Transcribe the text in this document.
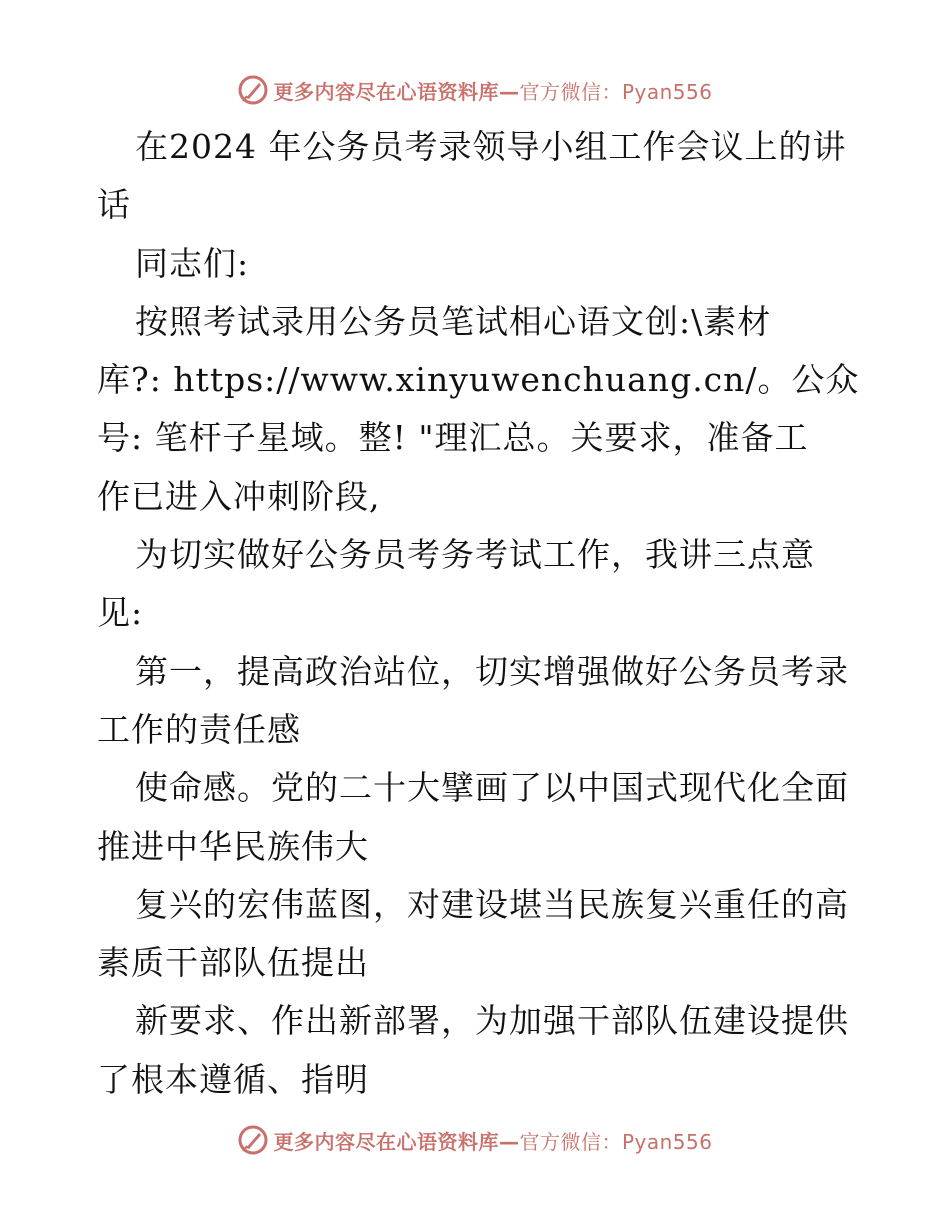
更多内容尽在心语资料库—官方微信：Pyan556
在2024 年公务员考录领导小组工作会议上的讲
话
同志们:
按照考试录用公务员笔试相心语文创:\素材
库?: https://www.xinyuwenchuang.cn/。公众
号: 笔杆子星域。整! "理汇总。关要求，准备工
作已进入冲刺阶段,
为切实做好公务员考务考试工作，我讲三点意
见:
第一，提高政治站位，切实增强做好公务员考录
工作的责任感
使命感。党的二十大擘画了以中国式现代化全面
推进中华民族伟大
复兴的宏伟蓝图，对建设堪当民族复兴重任的高
素质干部队伍提出
新要求、作出新部署，为加强干部队伍建设提供
了根本遵循、指明
更多内容尽在心语资料库—官方微信：Pyan556
